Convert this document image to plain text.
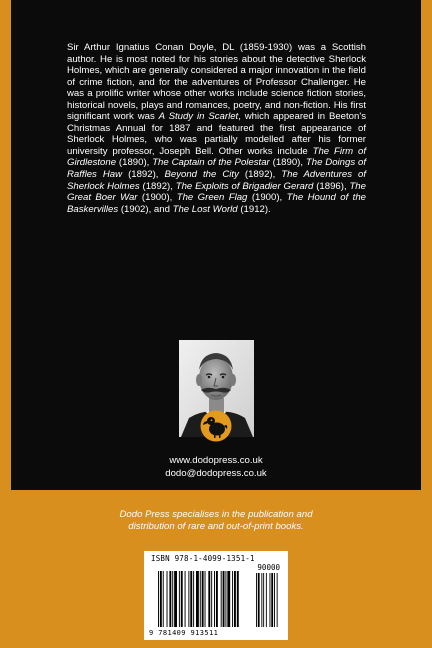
Sir Arthur Ignatius Conan Doyle, DL (1859-1930) was a Scottish author. He is most noted for his stories about the detective Sherlock Holmes, which are generally considered a major innovation in the field of crime fiction, and for the adventures of Professor Challenger. He was a prolific writer whose other works include science fiction stories, historical novels, plays and romances, poetry, and non-fiction. His first significant work was A Study in Scarlet, which appeared in Beeton's Christmas Annual for 1887 and featured the first appearance of Sherlock Holmes, who was partially modelled after his former university professor, Joseph Bell. Other works include The Firm of Girdlestone (1890), The Captain of the Polestar (1890), The Doings of Raffles Haw (1892), Beyond the City (1892), The Adventures of Sherlock Holmes (1892), The Exploits of Brigadier Gerard (1896), The Great Boer War (1900), The Green Flag (1900), The Hound of the Baskervilles (1902), and The Lost World (1912).

www.dodopress.co.uk
dodo@dodopress.co.uk
Dodo Press specialises in the publication and
distribution of rare and out-of-print books.
ISBN 978-1-4099-1351-1
90000
9 781409 913511
